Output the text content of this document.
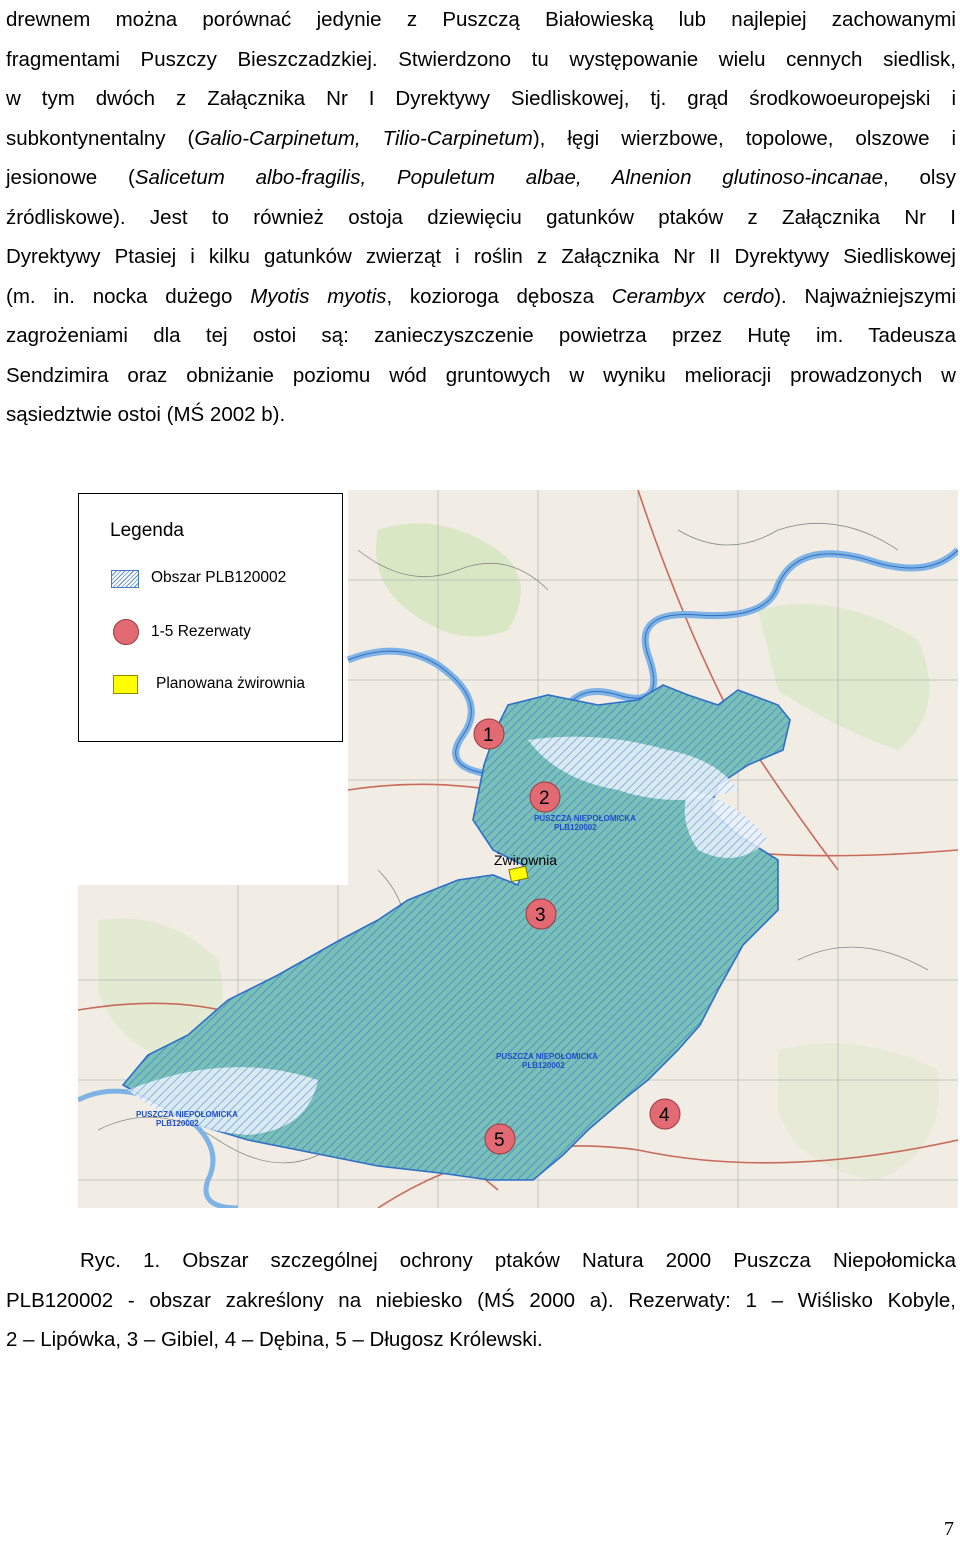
drewnem można porównać jedynie z Puszczą Białowieską lub najlepiej zachowanymi
fragmentami Puszczy Bieszczadzkiej. Stwierdzono tu występowanie wielu cennych siedlisk,
w tym dwóch z Załącznika Nr I Dyrektywy Siedliskowej, tj. grąd środkowoeuropejski i
subkontynentalny (Galio-Carpinetum, Tilio-Carpinetum), łęgi wierzbowe, topolowe, olszowe i
jesionowe (Salicetum albo-fragilis, Populetum albae, Alnenion glutinoso-incanae, olsy
źródliskowe). Jest to również ostoja dziewięciu gatunków ptaków z Załącznika Nr I
Dyrektywy Ptasiej i kilku gatunków zwierząt i roślin z Załącznika Nr II Dyrektywy Siedliskowej
(m. in. nocka dużego Myotis myotis, kozioroga dębosza Cerambyx cerdo). Najważniejszymi
zagrożeniami dla tej ostoi są: zanieczyszczenie powietrza przez Hutę im. Tadeusza
Sendzimira oraz obniżanie poziomu wód gruntowych w wyniku melioracji prowadzonych w
sąsiedztwie ostoi (MŚ 2002 b).
PUSZCZA NIEPOŁOMICKA
PLB120002
PUSZCZA NIEPOŁOMICKA
PLB120002
PUSZCZA NIEPOŁOMICKA
PLB120002
Żwirownia
1
2
3
4
5
Legenda
Obszar PLB120002
1-5 Rezerwaty
Planowana żwirownia
Ryc. 1. Obszar szczególnej ochrony ptaków Natura 2000 Puszcza Niepołomicka
PLB120002 - obszar zakreślony na niebiesko (MŚ 2000 a). Rezerwaty: 1 – Wiślisko Kobyle,
2 – Lipówka, 3 – Gibiel, 4 – Dębina, 5 – Długosz Królewski.
7
